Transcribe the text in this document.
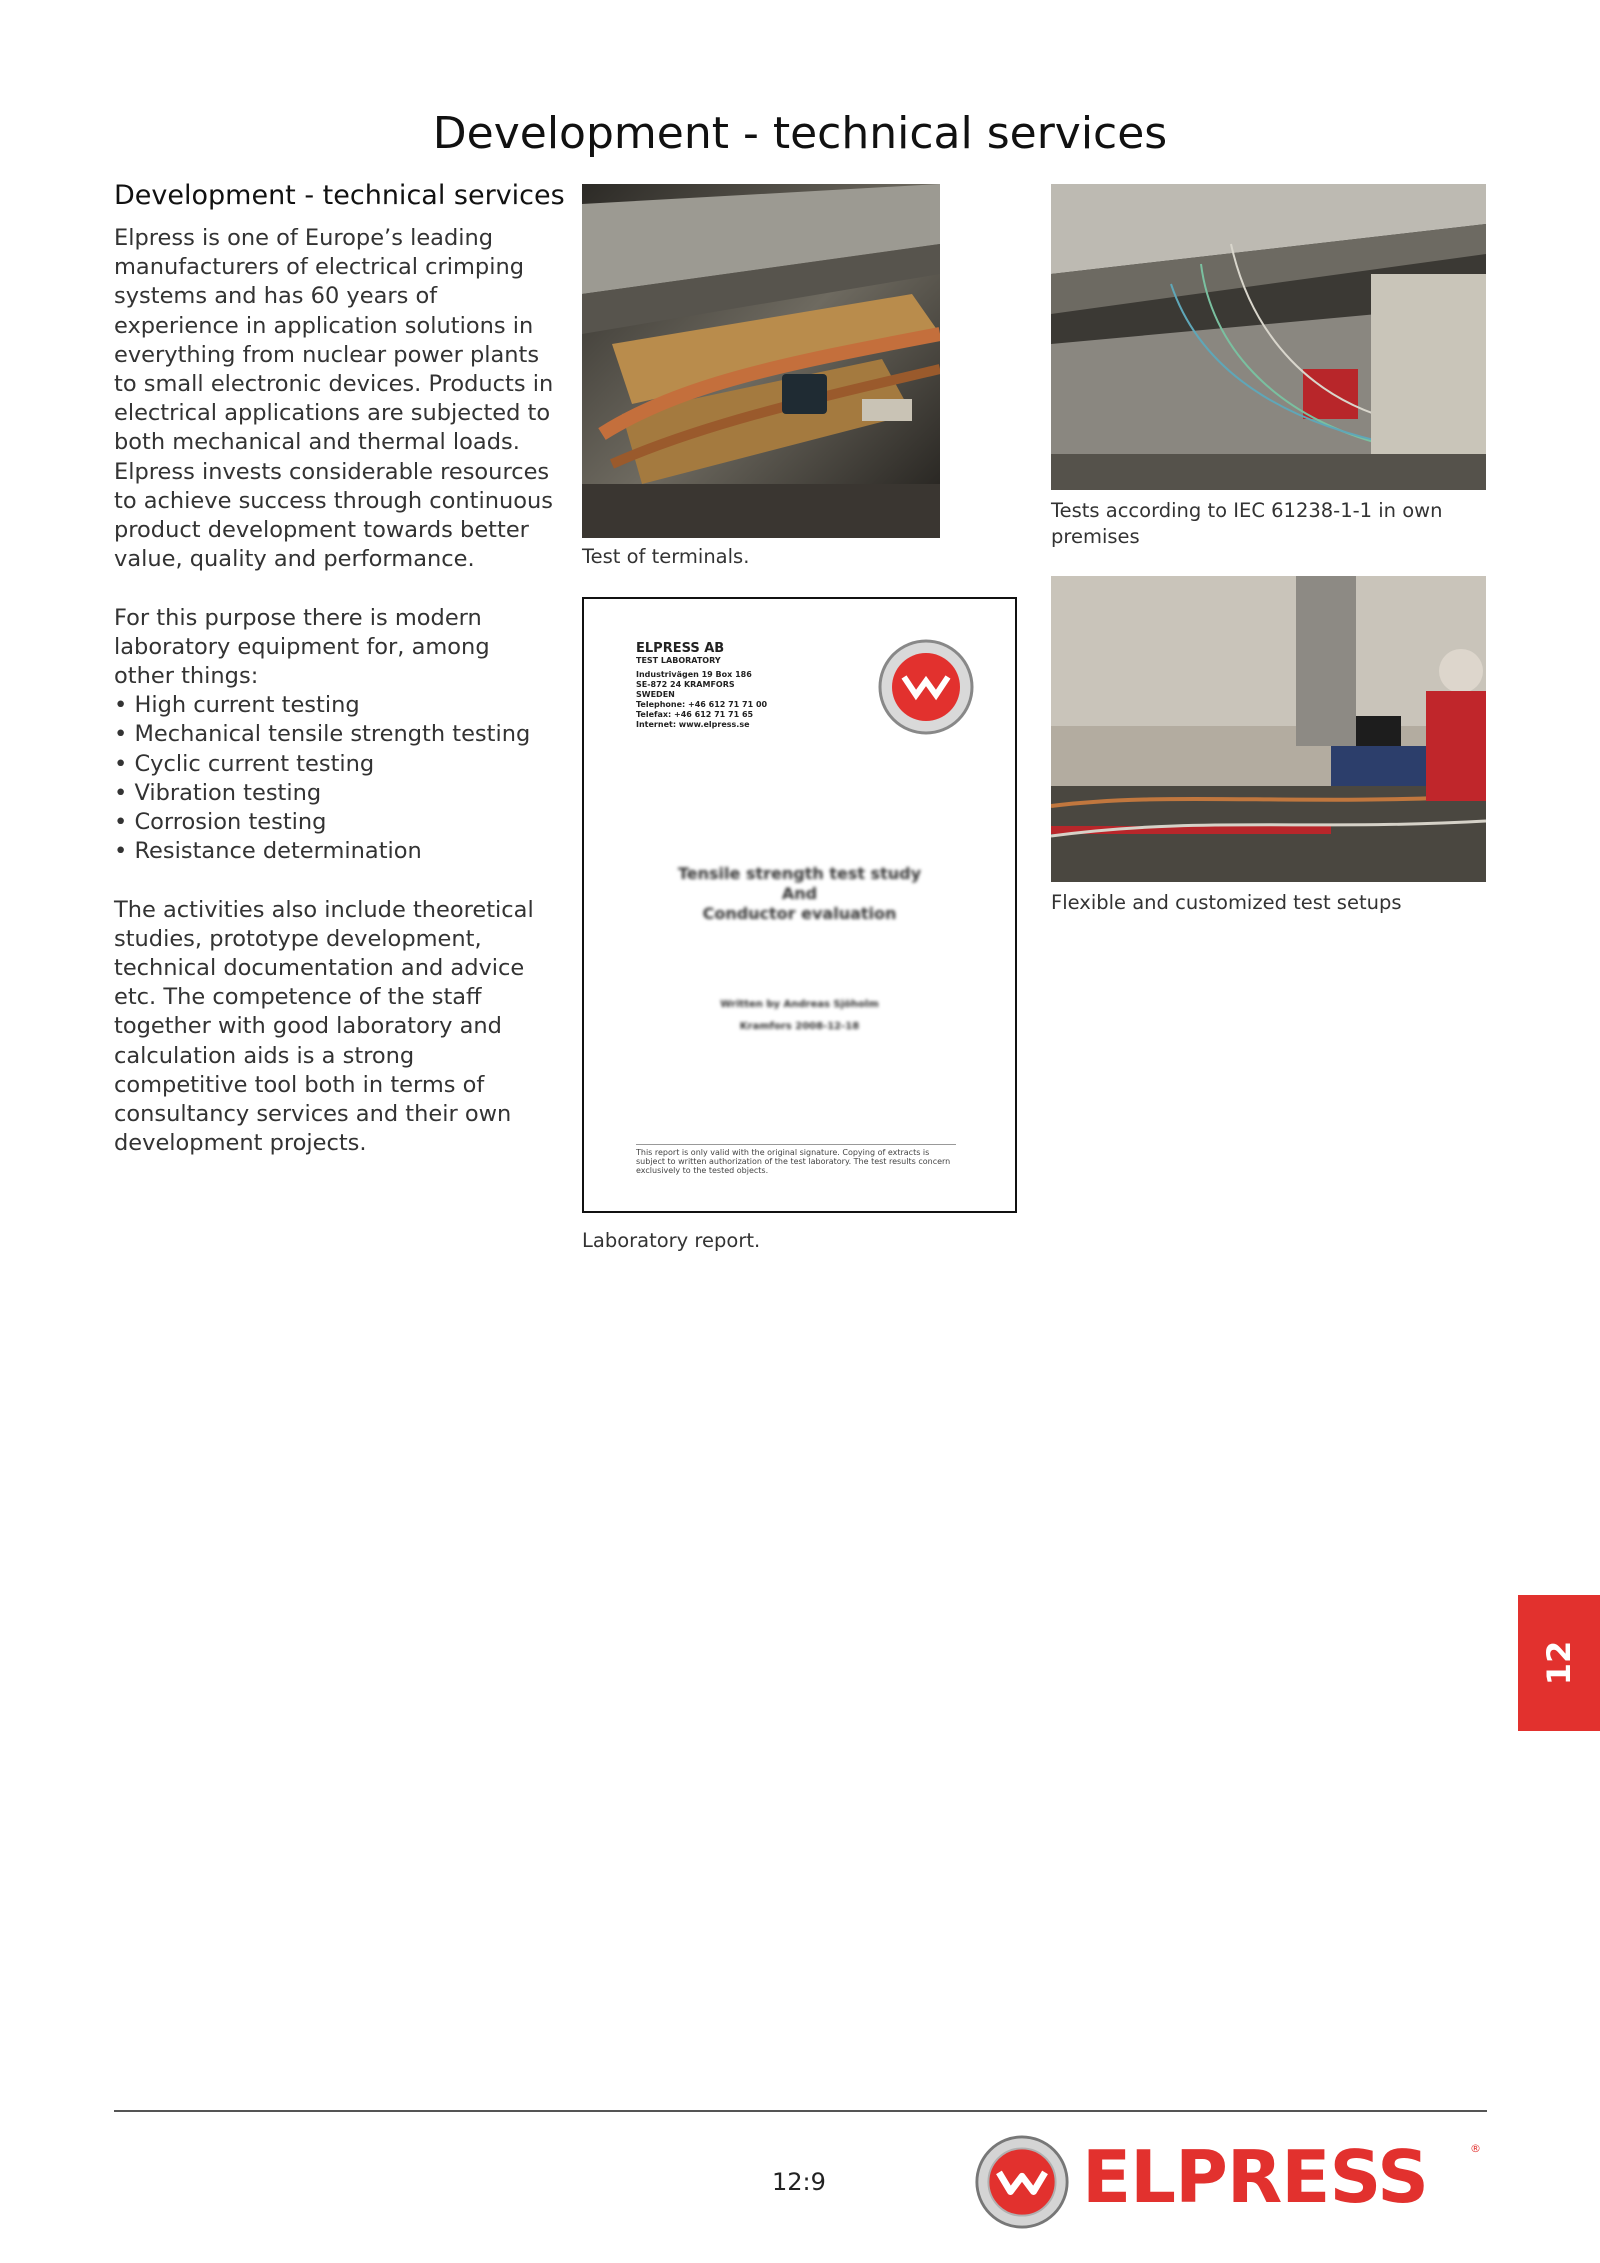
Development - technical services
Development - technical services

Elpress is one of Europe’s leading manufacturers of electrical crimping systems and has 60 years of experience in application solutions in everything from nuclear power plants to small electronic devices. Products in electrical applications are subjected to both mechanical and thermal loads. Elpress invests considerable resources to achieve success through continuous product development towards better value, quality and performance.

For this purpose there is modern laboratory equipment for, among other things:

• High current testing
• Mechanical tensile strength testing
• Cyclic current testing
• Vibration testing
• Corrosion testing
• Resistance determination

The activities also include theoretical studies, prototype development, technical documentation and advice etc. The competence of the staff together with good laboratory and calculation aids is a strong competitive tool both in terms of consultancy services and their own development projects.

Test of terminals.
Tests according to IEC 61238-1-1 in own premises
Flexible and customized test setups
ELPRESS AB
TEST LABORATORY
Industrivägen 19 Box 186
SE-872 24 KRAMFORS
SWEDEN
Telephone: +46 612 71 71 00
Telefax: +46 612 71 71 65
Internet: www.elpress.se
Tensile strength test study
And
Conductor evaluation
Written by Andreas Sjöholm
Kramfors 2008-12-18
This report is only valid with the original signature. Copying of extracts is subject to written authorization of the test laboratory. The test results concern exclusively to the tested objects.
Laboratory report.
12
12:9	ELPRESS	®
